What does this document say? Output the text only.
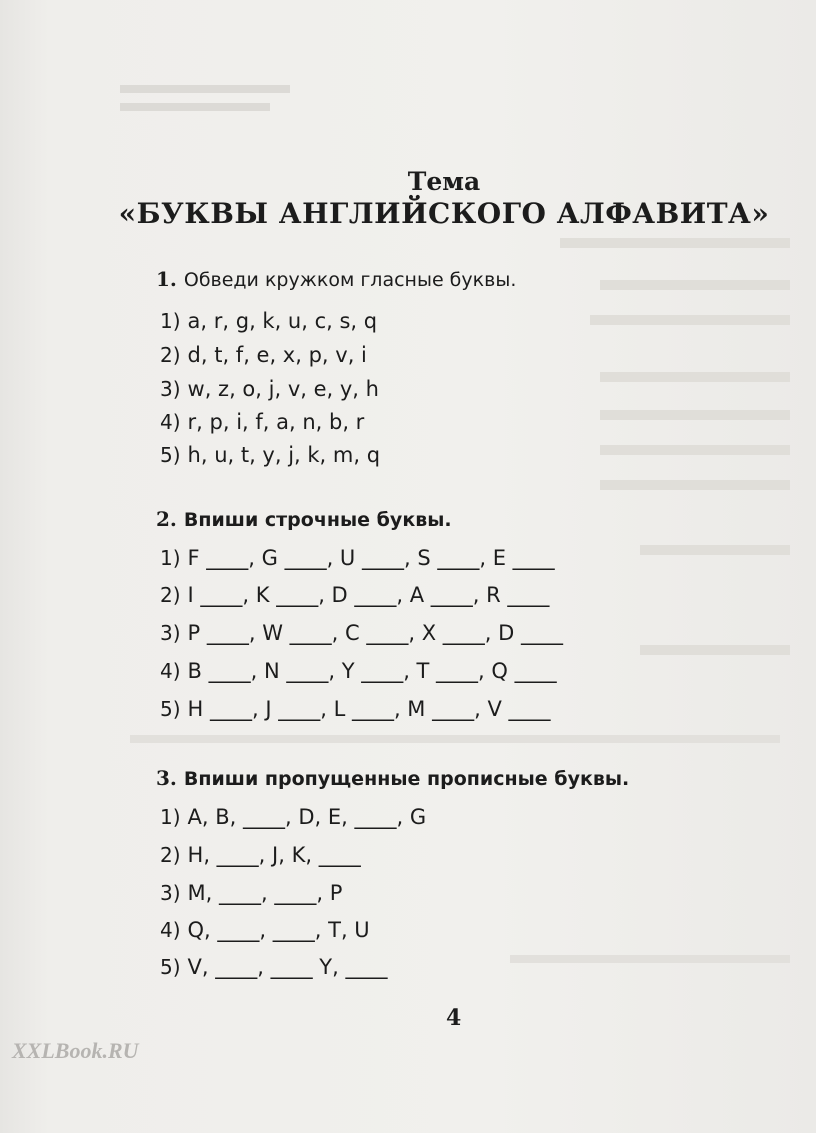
Тема
«БУКВЫ АНГЛИЙСКОГО АЛФАВИТА»
1. Обведи кружком гласные буквы.
1) a, r, g, k, u, c, s, q
2) d, t, f, e, x, p, v, i
3) w, z, o, j, v, e, y, h
4) r, p, i, f, a, n, b, r
5) h, u, t, y, j, k, m, q
2. Впиши строчные буквы.
1) F ____, G ____, U ____, S ____, E ____
2) I ____, K ____, D ____, A ____, R ____
3) P ____, W ____, C ____, X ____, D ____
4) B ____, N ____, Y ____, T ____, Q ____
5) H ____, J ____, L ____, M ____, V ____
3. Впиши пропущенные прописные буквы.
1) A, B, ____, D, E, ____, G
2) H, ____, J, K, ____
3) M, ____, ____, P
4) Q, ____, ____, T, U
5) V, ____, ____ Y, ____
4
XXLBook.RU
